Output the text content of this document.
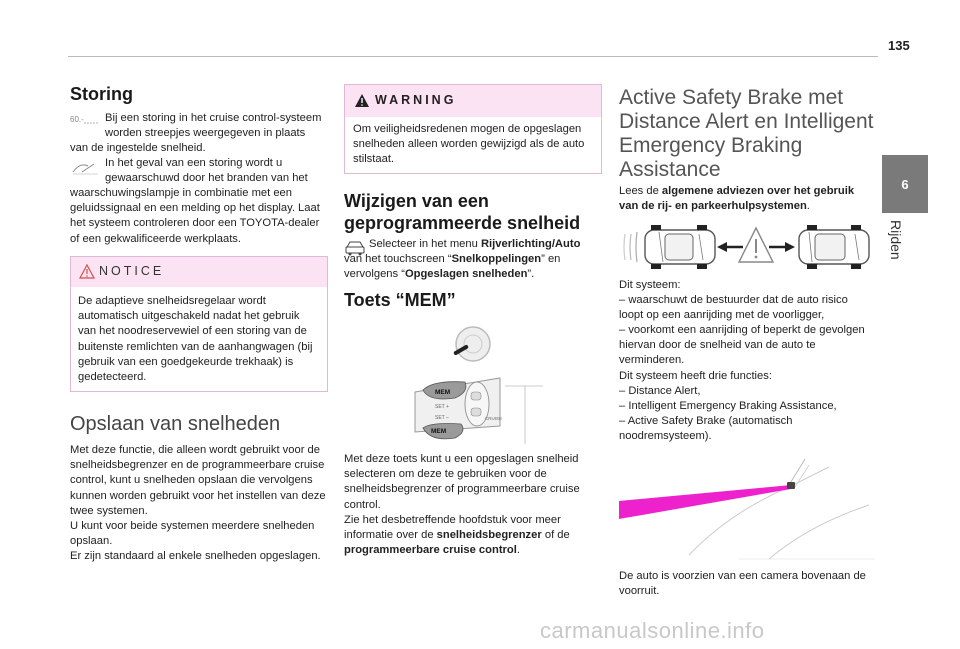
135
6
Rijden

Storing

60.- Bij een storing in het cruise control-systeem worden streepjes weergegeven in plaats

van de ingestelde snelheid.

In het geval van een storing wordt u gewaarschuwd door het branden van het

waarschuwingslampje in combinatie met een geluidssignaal en een melding op het display. Laat het systeem controleren door een TOYOTA-dealer of een gekwalificeerde werkplaats.

NOTICE

De adaptieve snelheidsregelaar wordt automatisch uitgeschakeld nadat het gebruik van het noodreservewiel of een storing van de buitenste remlichten van de aanhangwagen (bij gebruik van een goedgekeurde trekhaak) is gedetecteerd.

Opslaan van snelheden

Met deze functie, die alleen wordt gebruikt voor de snelheidsbegrenzer en de programmeerbare cruise control, kunt u snelheden opslaan die vervolgens kunnen worden gebruikt voor het instellen van deze twee systemen.
U kunt voor beide systemen meerdere snelheden opslaan.
Er zijn standaard al enkele snelheden opgeslagen.

WARNING

Om veiligheidsredenen mogen de opgeslagen snelheden alleen worden gewijzigd als de auto stilstaat.

Wijzigen van een geprogrammeerde snelheid

Selecteer in het menu Rijverlichting/Auto van het touchscreen “Snelkoppelingen” en vervolgens “Opgeslagen snelheden”.

Toets “MEM”

SET +
SET –	CRUISE
MEM
MEM

Met deze toets kunt u een opgeslagen snelheid selecteren om deze te gebruiken voor de snelheidsbegrenzer of programmeerbare cruise control.

Zie het desbetreffende hoofdstuk voor meer informatie over de snelheidsbegrenzer of de programmeerbare cruise control.

Active Safety Brake met Distance Alert en Intelligent Emergency Braking Assistance

Lees de algemene adviezen over het gebruik van de rij- en parkeerhulpsystemen.

Dit systeem:

– waarschuwt de bestuurder dat de auto risico loopt op een aanrijding met de voorligger,

– voorkomt een aanrijding of beperkt de gevolgen hiervan door de snelheid van de auto te verminderen.

Dit systeem heeft drie functies:

– Distance Alert,

– Intelligent Emergency Braking Assistance,

– Active Safety Brake (automatisch noodremsysteem).

De auto is voorzien van een camera bovenaan de voorruit.

carmanualsonline.info
